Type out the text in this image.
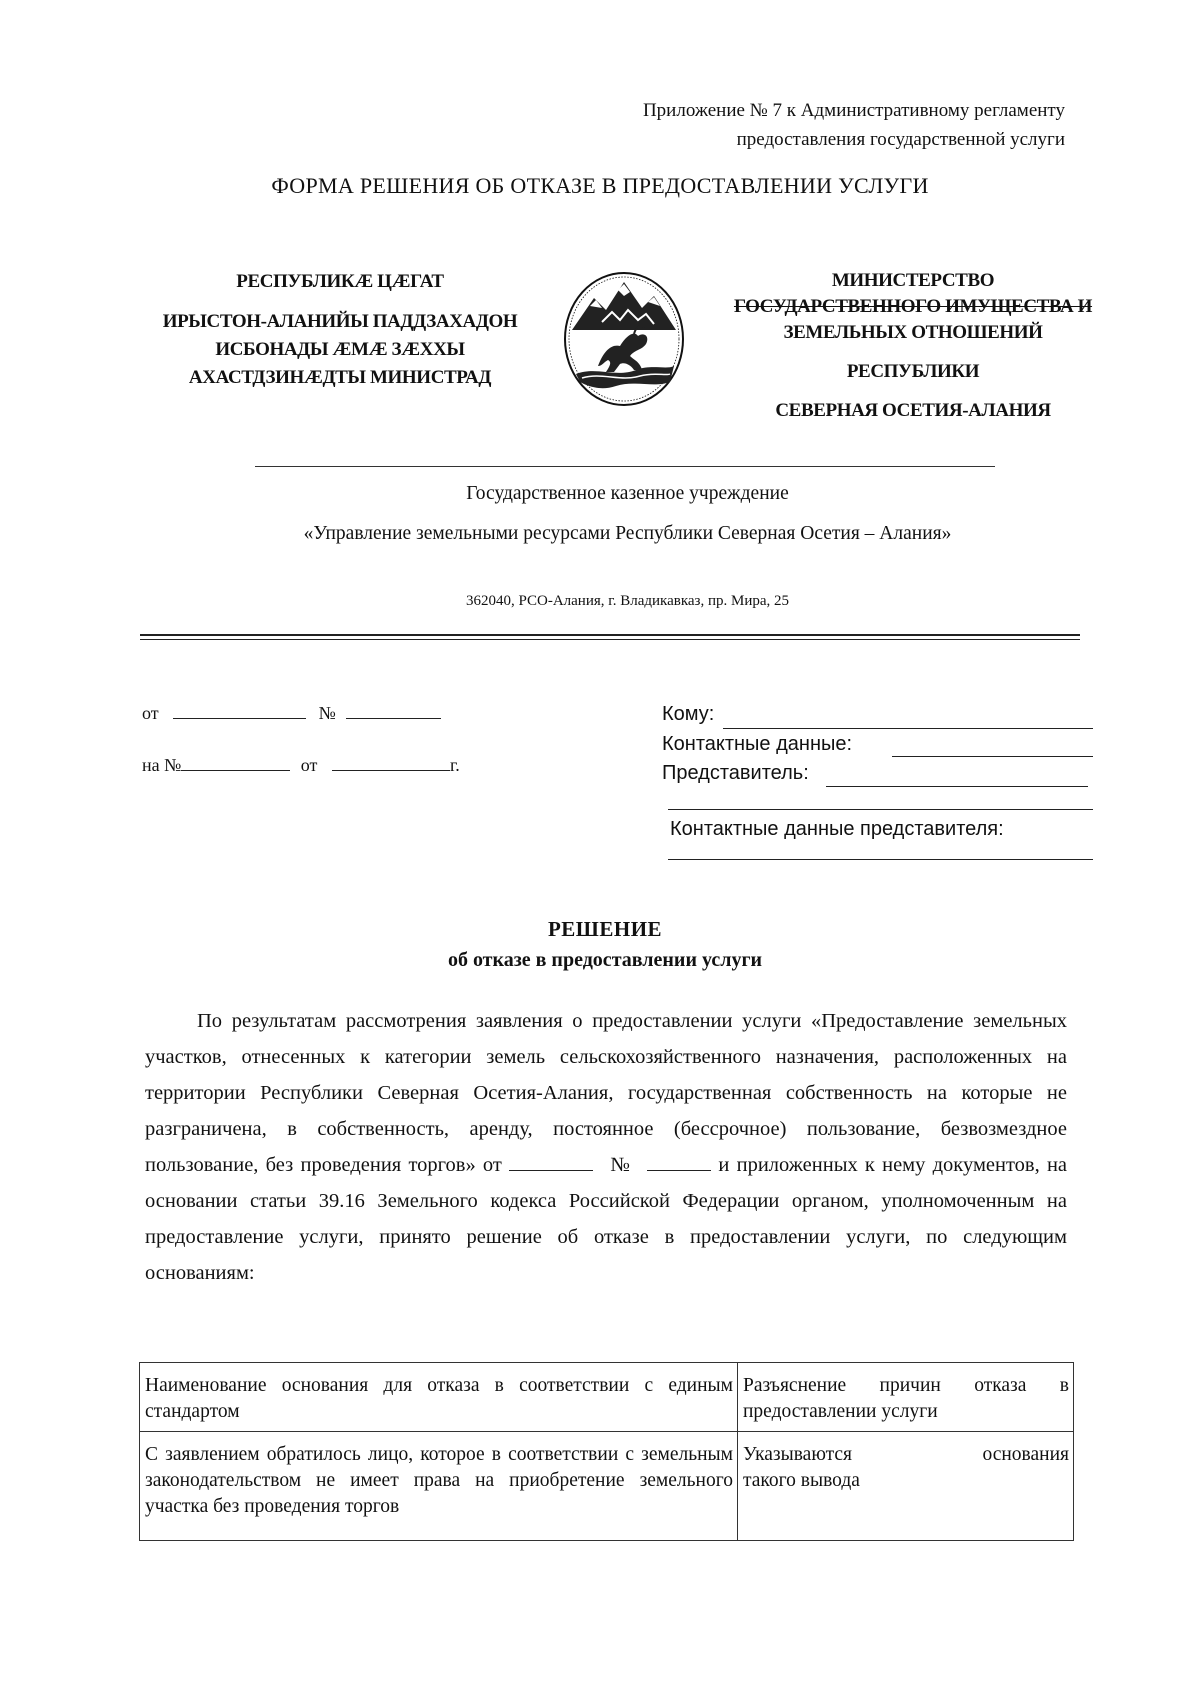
Приложение № 7 к Административному регламенту
предоставления государственной услуги
ФОРМА РЕШЕНИЯ ОБ ОТКАЗЕ В ПРЕДОСТАВЛЕНИИ УСЛУГИ
РЕСПУБЛИКÆ ЦÆГАТ
ИРЫСТОН-АЛАНИЙЫ ПАДДЗАХАДОН
ИСБОНАДЫ ÆМÆ ЗÆХХЫ
АХАСТДЗИНÆДТЫ МИНИСТРАД
МИНИСТЕРСТВО
ГОСУДАРСТВЕННОГО ИМУЩЕСТВА И
ЗЕМЕЛЬНЫХ ОТНОШЕНИЙ
РЕСПУБЛИКИ
СЕВЕРНАЯ ОСЕТИЯ-АЛАНИЯ
Государственное казенное учреждение
«Управление земельными ресурсами Республики Северная Осетия – Алания»
362040, РСО-Алания, г. Владикавказ, пр. Мира, 25
от	№
на №	от	г.
Кому:
Контактные данные:
Представитель:
Контактные данные представителя:
РЕШЕНИЕ
об отказе в предоставлении услуги

По результатам рассмотрения заявления о предоставлении услуги «Предоставление земельных участков, отнесенных к категории земель сельскохозяйственного назначения, расположенных на территории Республики Северная Осетия-Алания, государственная собственность на которые не разграничена, в собственность, аренду, постоянное (бессрочное) пользование, безвозмездное пользование, без проведения торгов» от	№	и приложенных к нему документов, на основании статьи 39.16 Земельного кодекса Российской Федерации органом, уполномоченным на предоставление услуги, принято решение об отказе в предоставлении услуги, по следующим основаниям:

Наименование основания для отказа в соответствии с единым стандартом	Разъяснение причин отказа в предоставлении услуги
С заявлением обратилось лицо, которое в соответствии с земельным законодательством не имеет права на приобретение земельного участка без проведения торгов	Указываются основания
такого вывода
